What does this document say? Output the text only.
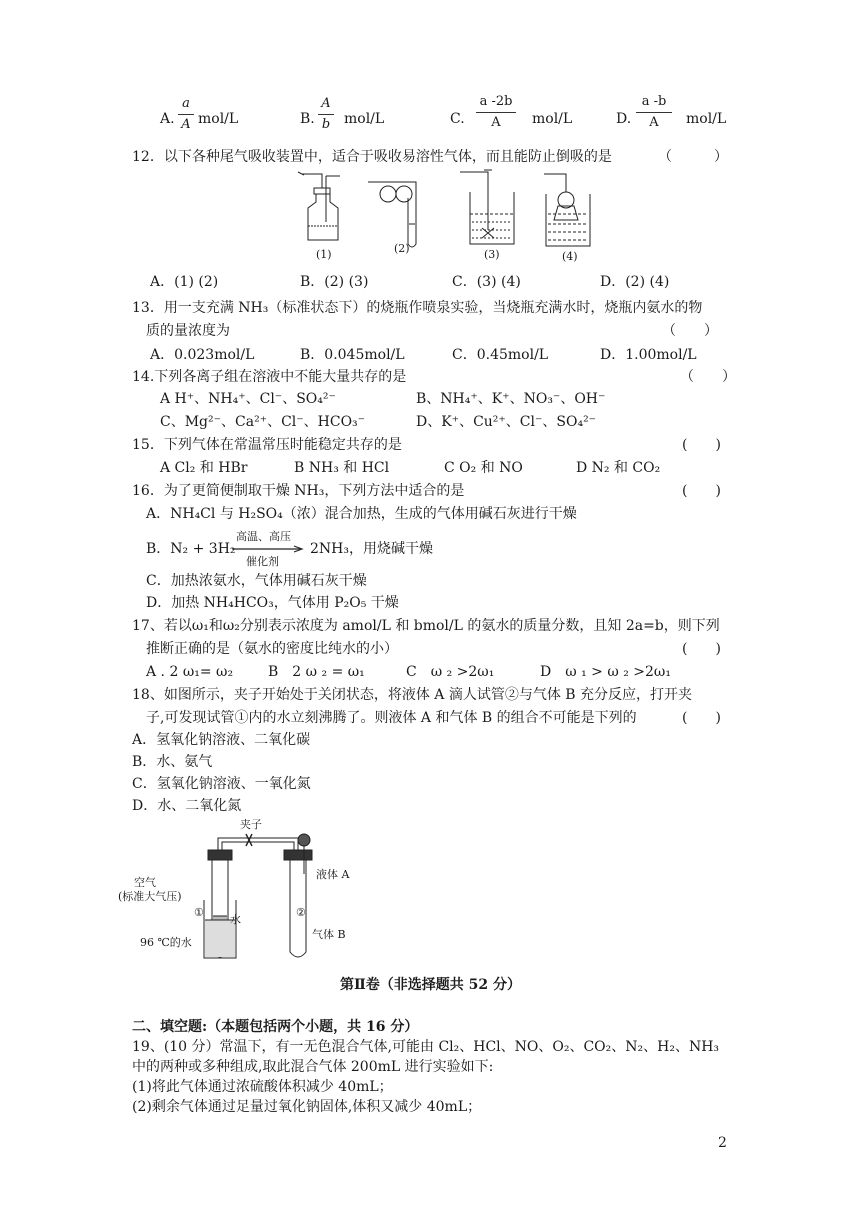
A.
a
A mol/L	B.
A
b mol/L	C.
a -2b
A	mol/L	D.
a -b
A	mol/L
12．以下各种尾气吸收装置中，适合于吸收易溶性气体，而且能防止倒吸的是	（　　　）
(1)	(2)	(3)	(4)
A．(1) (2)	B．(2) (3)	C．(3) (4)	D．(2) (4)
13．用一支充满 NH₃（标准状态下）的烧瓶作喷泉实验，当烧瓶充满水时，烧瓶内氨水的物
质的量浓度为	（　　）
A．0.023mol/L	B．0.045mol/L	C．0.45mol/L	D．1.00mol/L
14.下列各离子组在溶液中不能大量共存的是	（　　）
A H⁺、NH₄⁺、Cl⁻、SO₄²⁻	B、NH₄⁺、K⁺、NO₃⁻、OH⁻
C、Mg²⁻、Ca²⁺、Cl⁻、HCO₃⁻	D、K⁺、Cu²⁺、Cl⁻、SO₄²⁻
15．下列气体在常温常压时能稳定共存的是	(　　)
A Cl₂ 和 HBr	B NH₃ 和 HCl	C O₂ 和 NO	D N₂ 和 CO₂
16．为了更简便制取干燥 NH₃，下列方法中适合的是	(　　)
A．NH₄Cl 与 H₂SO₄（浓）混合加热，生成的气体用碱石灰进行干燥
B．N₂ + 3H₂
高温、高压
催化剂
2NH₃，用烧碱干燥
C．加热浓氨水，气体用碱石灰干燥
D．加热 NH₄HCO₃，气体用 P₂O₅ 干燥
17、若以ω₁和ω₂分别表示浓度为 amol/L 和 bmol/L 的氨水的质量分数，且知 2a=b，则下列
推断正确的是（氨水的密度比纯水的小）	(　　)
A . 2 ω₁= ω₂ B　2 ω ₂ = ω₁	C　ω ₂ >2ω₁	D　ω ₁ > ω ₂ >2ω₁
18、如图所示，夹子开始处于关闭状态，将液体 A 滴人试管②与气体 B 充分反应，打开夹
子,可发现试管①内的水立刻沸腾了。则液体 A 和气体 B 的组合不可能是下列的	(　　)
A．氢氧化钠溶液、二氧化碳
B．水、氨气
C．氢氧化钠溶液、一氧化氮
D．水、二氧化氮
夹子
空气
(标准大气压)
①
水
96 ℃的水
②
液体 A
气体 B
第Ⅱ卷（非选择题共 52 分）
二、填空题:（本题包括两个小题，共 16 分）
19、(10 分）常温下，有一无色混合气体,可能由 Cl₂、HCl、NO、O₂、CO₂、N₂、H₂、NH₃
中的两种或多种组成,取此混合气体 200mL 进行实验如下:
(1)将此气体通过浓硫酸体积减少 40mL；
(2)剩余气体通过足量过氧化钠固体,体积又减少 40mL；
2
